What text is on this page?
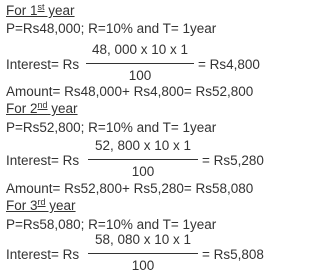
For 1st year
P=Rs48,000; R=10% and T= 1year
Interest= Rs
48, 000 x 10 x 1
100
= Rs4,800
Amount= Rs48,000+ Rs4,800= Rs52,800
For 2nd year
P=Rs52,800; R=10% and T= 1year
Interest= Rs
52, 800 x 10 x 1
100
= Rs5,280
Amount= Rs52,800+ Rs5,280= Rs58,080
For 3rd year
P=Rs58,080; R=10% and T= 1year
Interest= Rs
58, 080 x 10 x 1
100
= Rs5,808
